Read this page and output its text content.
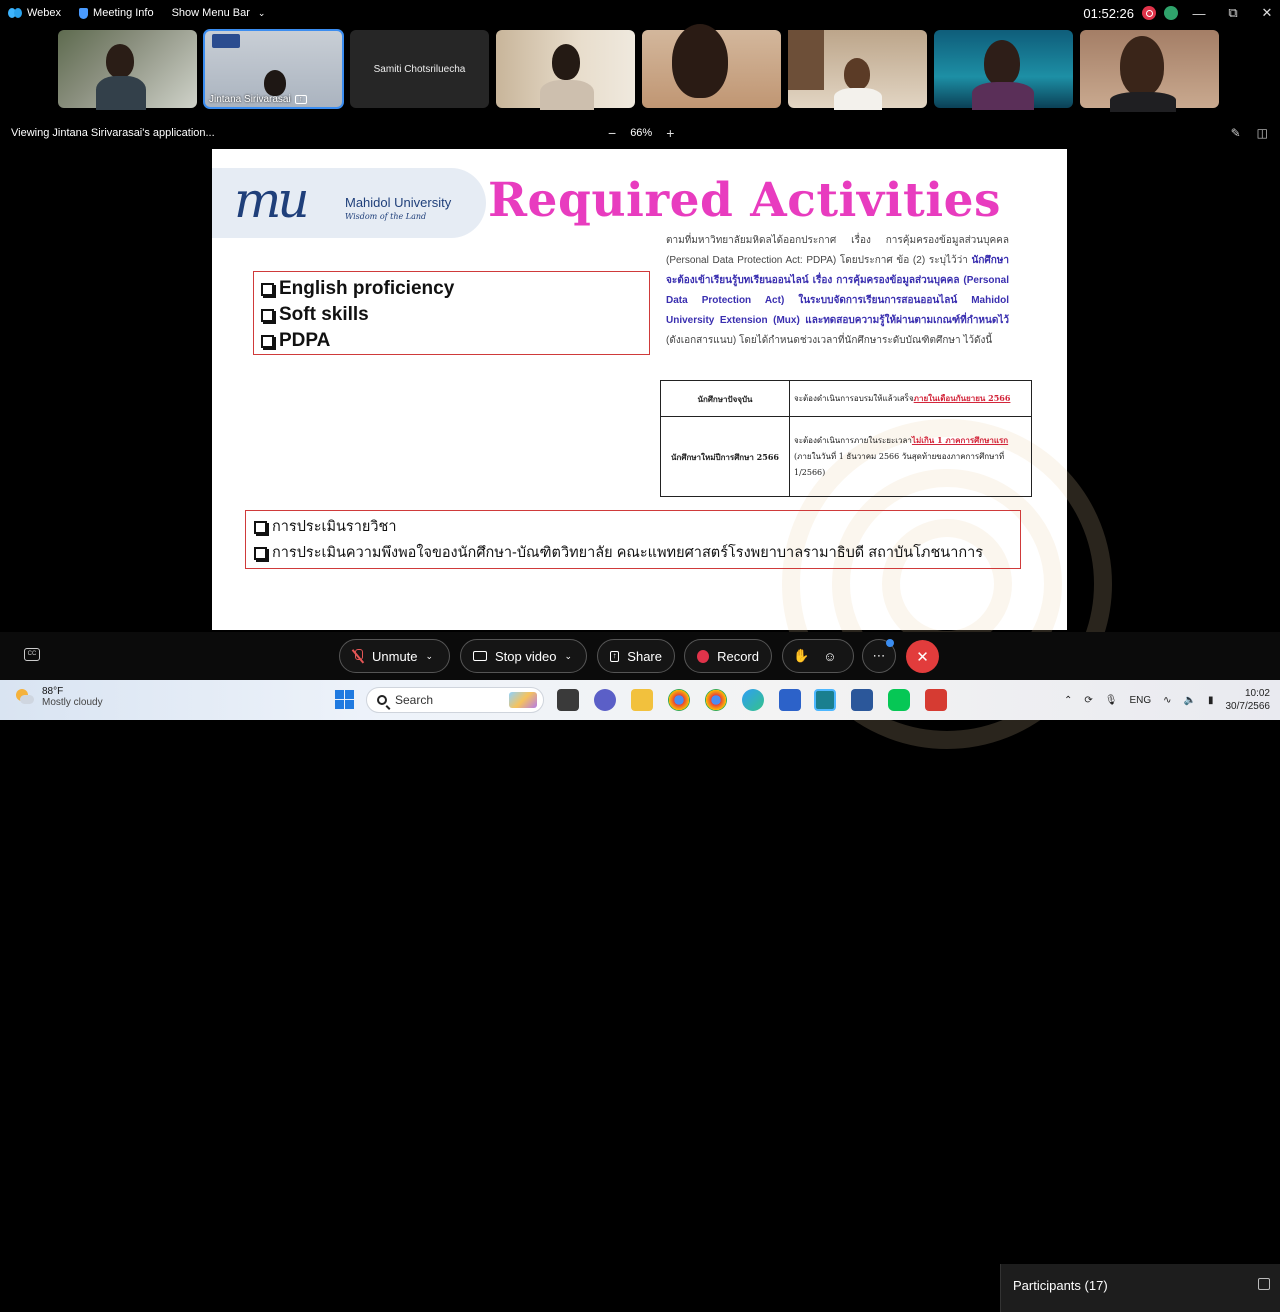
Webex	Meeting Info Show Menu Bar ⌄	01:52:26	—	⧉	✕
Jintana Sirivarasai	↑
Samiti Chotsriluecha
Viewing Jintana Sirivarasai's application...	− 66% +	✎ ◫
mu	Mahidol University
Wisdom of the Land Required Activities
English proficiency
Soft skills
PDPA
ตามที่มหาวิทยาลัยมหิดลได้ออกประกาศ เรื่อง การคุ้มครองข้อมูลส่วนบุคคล (Personal Data Protection Act: PDPA) โดยประกาศ ข้อ (2) ระบุไว้ว่า นักศึกษาจะต้องเข้าเรียนรู้บทเรียนออนไลน์ เรื่อง การคุ้มครองข้อมูลส่วนบุคคล (Personal Data Protection Act) ในระบบจัดการเรียนการสอนออนไลน์ Mahidol University Extension (Mux) และทดสอบความรู้ให้ผ่านตามเกณฑ์ที่กำหนดไว้ (ดังเอกสารแนบ) โดยได้กำหนดช่วงเวลาที่นักศึกษาระดับบัณฑิตศึกษา ไว้ดังนี้
นักศึกษาปัจจุบัน	จะต้องดำเนินการอบรมให้แล้วเสร็จภายในเดือนกันยายน 2566
นักศึกษาใหม่ปีการศึกษา 2566	จะต้องดำเนินการภายในระยะเวลาไม่เกิน 1 ภาคการศึกษาแรก
(ภายในวันที่ 1 ธันวาคม 2566 วันสุดท้ายของภาคการศึกษาที่ 1/2566)
การประเมินรายวิชา
การประเมินความพึงพอใจของนักศึกษา-บัณฑิตวิทยาลัย คณะแพทยศาสตร์โรงพยาบาลรามาธิบดี สถาบันโภชนาการ
CC	Unmute ⌄	Stop video ⌄	↑ Share	Record	✋ ☺	⋯
Participants (17)
✕
88°F
Mostly cloudy	Search	⌃ ⟳ 🎙 ENG ∿ 🔈 ▮
10:02
30/7/2566
